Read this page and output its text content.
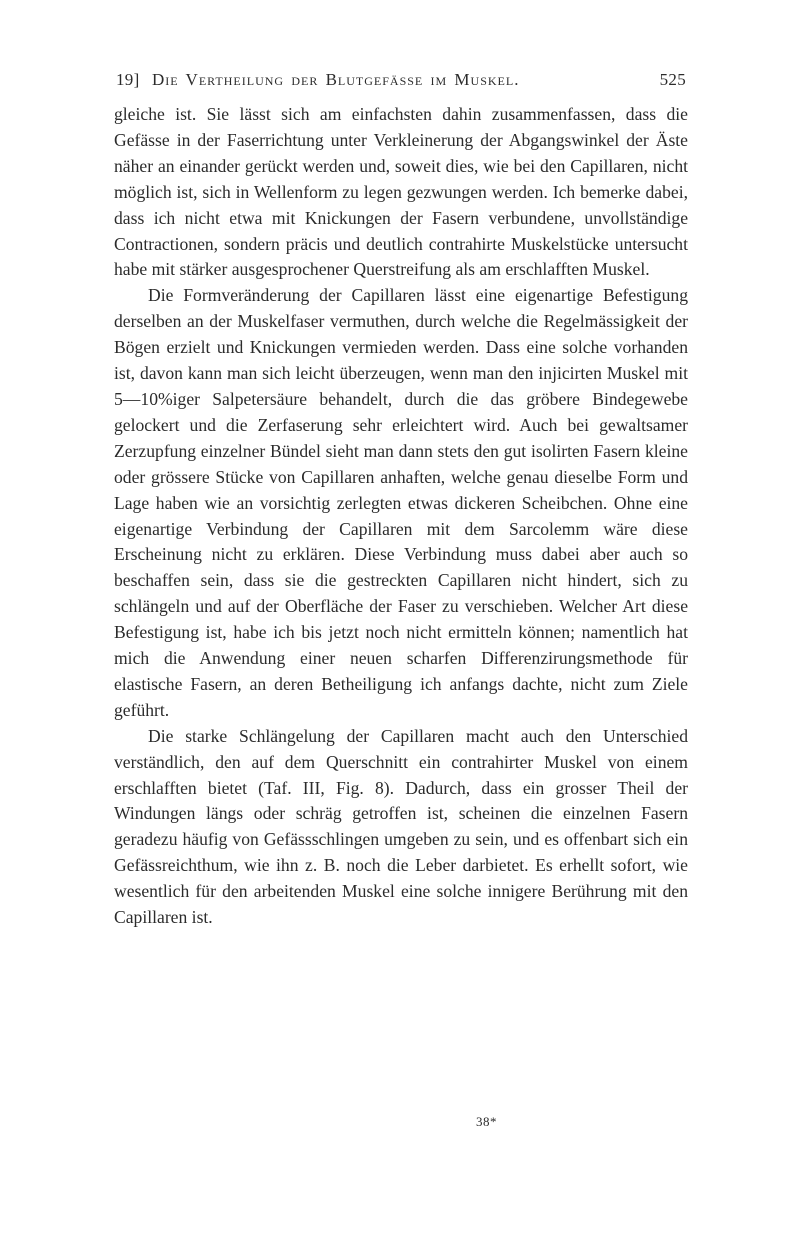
19] Die Vertheilung der Blutgefässe im Muskel.	525

gleiche ist. Sie lässt sich am einfachsten dahin zusammenfassen, dass die Gefässe in der Faserrichtung unter Verkleinerung der Abgangswinkel der Äste näher an einander gerückt werden und, soweit dies, wie bei den Capillaren, nicht möglich ist, sich in Wellenform zu legen gezwungen werden. Ich bemerke dabei, dass ich nicht etwa mit Knickungen der Fasern verbundene, unvollständige Contractionen, sondern präcis und deutlich contrahirte Muskelstücke untersucht habe mit stärker ausgesprochener Querstreifung als am erschlafften Muskel.

Die Formveränderung der Capillaren lässt eine eigenartige Befestigung derselben an der Muskelfaser vermuthen, durch welche die Regelmässigkeit der Bögen erzielt und Knickungen vermieden werden. Dass eine solche vorhanden ist, davon kann man sich leicht überzeugen, wenn man den injicirten Muskel mit 5—10%iger Salpetersäure behandelt, durch die das gröbere Bindegewebe gelockert und die Zerfaserung sehr erleichtert wird. Auch bei gewaltsamer Zerzupfung einzelner Bündel sieht man dann stets den gut isolirten Fasern kleine oder grössere Stücke von Capillaren anhaften, welche genau dieselbe Form und Lage haben wie an vorsichtig zerlegten etwas dickeren Scheibchen. Ohne eine eigenartige Verbindung der Capillaren mit dem Sarcolemm wäre diese Erscheinung nicht zu erklären. Diese Verbindung muss dabei aber auch so beschaffen sein, dass sie die gestreckten Capillaren nicht hindert, sich zu schlängeln und auf der Oberfläche der Faser zu verschieben. Welcher Art diese Befestigung ist, habe ich bis jetzt noch nicht ermitteln können; namentlich hat mich die Anwendung einer neuen scharfen Differenzirungsmethode für elastische Fasern, an deren Betheiligung ich anfangs dachte, nicht zum Ziele geführt.

Die starke Schlängelung der Capillaren macht auch den Unterschied verständlich, den auf dem Querschnitt ein contrahirter Muskel von einem erschlafften bietet (Taf. III, Fig. 8). Dadurch, dass ein grosser Theil der Windungen längs oder schräg getroffen ist, scheinen die einzelnen Fasern geradezu häufig von Gefässschlingen umgeben zu sein, und es offenbart sich ein Gefässreichthum, wie ihn z. B. noch die Leber darbietet. Es erhellt sofort, wie wesentlich für den arbeitenden Muskel eine solche innigere Berührung mit den Capillaren ist.

38*
